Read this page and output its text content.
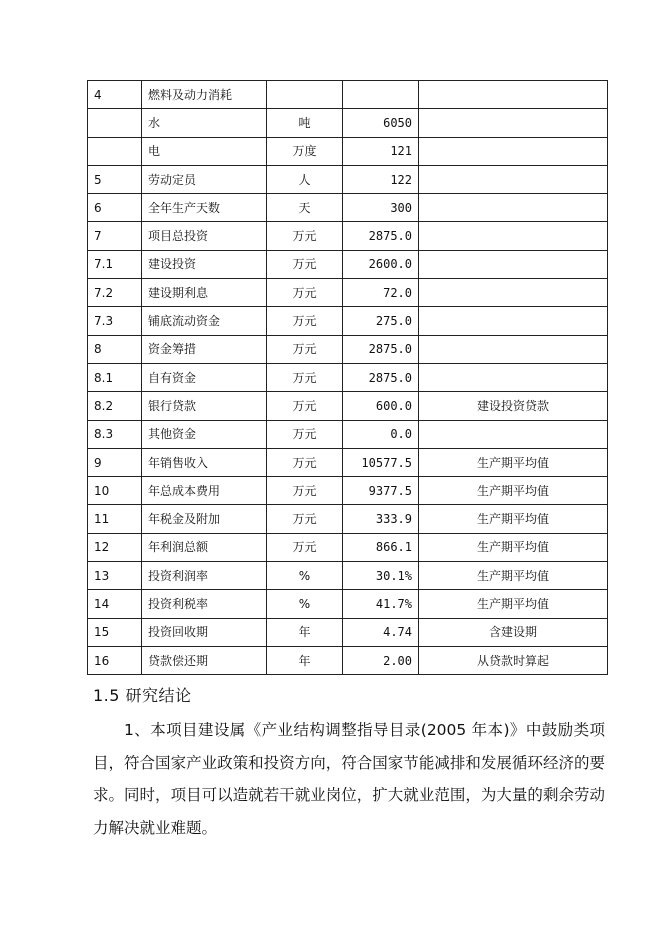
4	燃料及动力消耗			
	水	吨	6050	
	电	万度	121	
5	劳动定员	人	122	
6	全年生产天数	天	300	
7	项目总投资	万元	2875.0	
7.1	建设投资	万元	2600.0	
7.2	建设期利息	万元	72.0	
7.3	铺底流动资金	万元	275.0	
8	资金筹措	万元	2875.0	
8.1	自有资金	万元	2875.0	
8.2	银行贷款	万元	600.0	建设投资贷款
8.3	其他资金	万元	0.0	
9	年销售收入	万元	10577.5	生产期平均值
10	年总成本费用	万元	9377.5	生产期平均值
11	年税金及附加	万元	333.9	生产期平均值
12	年利润总额	万元	866.1	生产期平均值
13	投资利润率	%	30.1%	生产期平均值
14	投资利税率	%	41.7%	生产期平均值
15	投资回收期	年	4.74	含建设期
16	贷款偿还期	年	2.00	从贷款时算起
1.5 研究结论

1、本项目建设属《产业结构调整指导目录(2005 年本)》中鼓励类项目，符合国家产业政策和投资方向，符合国家节能减排和发展循环经济的要求。同时，项目可以造就若干就业岗位，扩大就业范围，为大量的剩余劳动力解决就业难题。
